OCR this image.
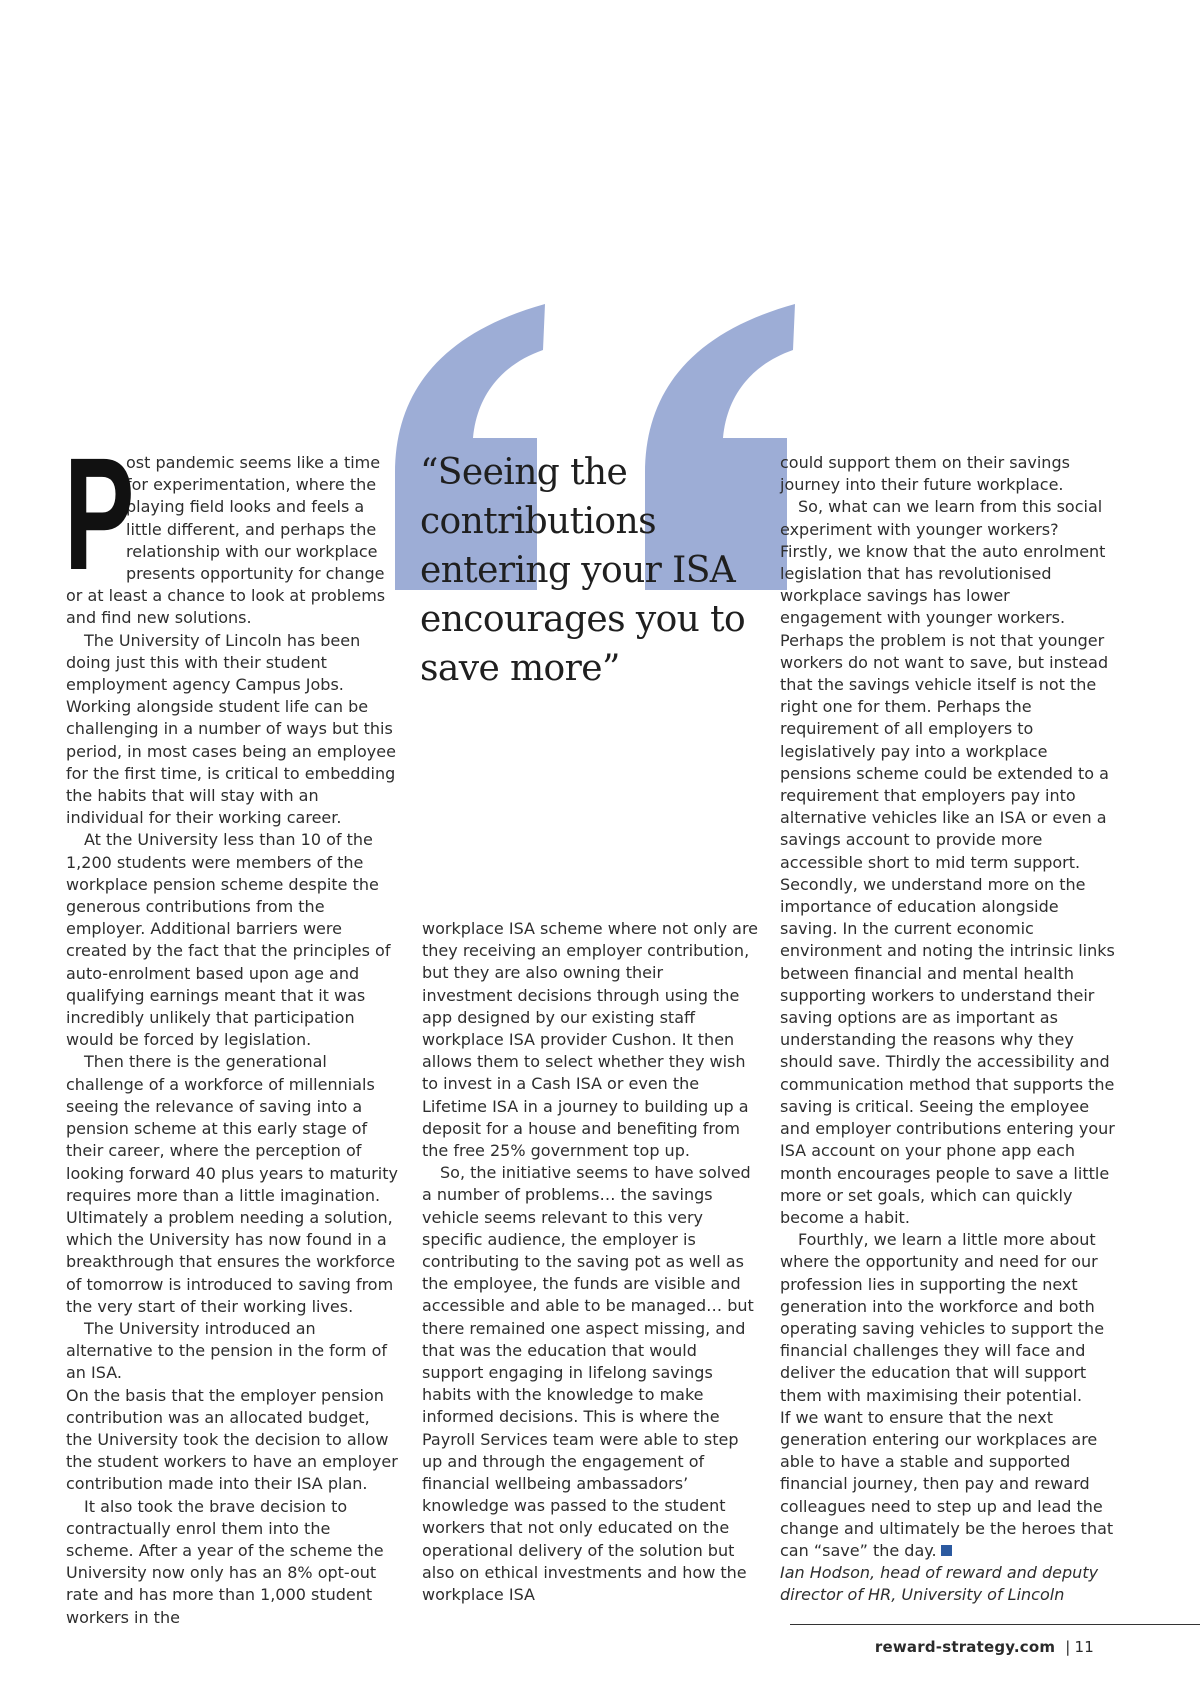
“Seeing the contributions entering your ISA encourages you to save more”
P

ost pandemic seems like a time for experimentation, where the playing field looks and feels a little different, and perhaps the relationship with our workplace presents opportunity for change or at least a chance to look at problems and find new solutions.

The University of Lincoln has been doing just this with their student employment agency Campus Jobs. Working alongside student life can be challenging in a number of ways but this period, in most cases being an employee for the first time, is critical to embedding the habits that will stay with an individual for their working career.

At the University less than 10 of the 1,200 students were members of the workplace pension scheme despite the generous contributions from the employer. Additional barriers were created by the fact that the principles of auto-enrolment based upon age and qualifying earnings meant that it was incredibly unlikely that participation would be forced by legislation.

Then there is the generational challenge of a workforce of millennials seeing the relevance of saving into a pension scheme at this early stage of their career, where the perception of looking forward 40 plus years to maturity requires more than a little imagination. Ultimately a problem needing a solution, which the University has now found in a breakthrough that ensures the workforce of tomorrow is introduced to saving from the very start of their working lives.

The University introduced an alternative to the pension in the form of an ISA.

On the basis that the employer pension contribution was an allocated budget, the University took the decision to allow the student workers to have an employer contribution made into their ISA plan.

It also took the brave decision to contractually enrol them into the scheme. After a year of the scheme the University now only has an 8% opt-out rate and has more than 1,000 student workers in the

workplace ISA scheme where not only are they receiving an employer contribution, but they are also owning their investment decisions through using the app designed by our existing staff workplace ISA provider Cushon. It then allows them to select whether they wish to invest in a Cash ISA or even the Lifetime ISA in a journey to building up a deposit for a house and benefiting from the free 25% government top up.

So, the initiative seems to have solved a number of problems… the savings vehicle seems relevant to this very specific audience, the employer is contributing to the saving pot as well as the employee, the funds are visible and accessible and able to be managed… but there remained one aspect missing, and that was the education that would support engaging in lifelong savings habits with the knowledge to make informed decisions. This is where the Payroll Services team were able to step up and through the engagement of financial wellbeing ambassadors’ knowledge was passed to the student workers that not only educated on the operational delivery of the solution but also on ethical investments and how the workplace ISA

could support them on their savings journey into their future workplace.

So, what can we learn from this social experiment with younger workers?

Firstly, we know that the auto enrolment legislation that has revolutionised workplace savings has lower engagement with younger workers. Perhaps the problem is not that younger workers do not want to save, but instead that the savings vehicle itself is not the right one for them. Perhaps the requirement of all employers to legislatively pay into a workplace pensions scheme could be extended to a requirement that employers pay into alternative vehicles like an ISA or even a savings account to provide more accessible short to mid term support. Secondly, we understand more on the importance of education alongside saving. In the current economic environment and noting the intrinsic links between financial and mental health supporting workers to understand their saving options are as important as understanding the reasons why they should save. Thirdly the accessibility and communication method that supports the saving is critical. Seeing the employee and employer contributions entering your ISA account on your phone app each month encourages people to save a little more or set goals, which can quickly become a habit.

Fourthly, we learn a little more about where the opportunity and need for our profession lies in supporting the next generation into the workforce and both operating saving vehicles to support the financial challenges they will face and deliver the education that will support them with maximising their potential.

If we want to ensure that the next generation entering our workplaces are able to have a stable and supported financial journey, then pay and reward colleagues need to step up and lead the change and ultimately be the heroes that can “save” the day.

Ian Hodson, head of reward and deputy
director of HR, University of Lincoln

reward-strategy.com | 11
